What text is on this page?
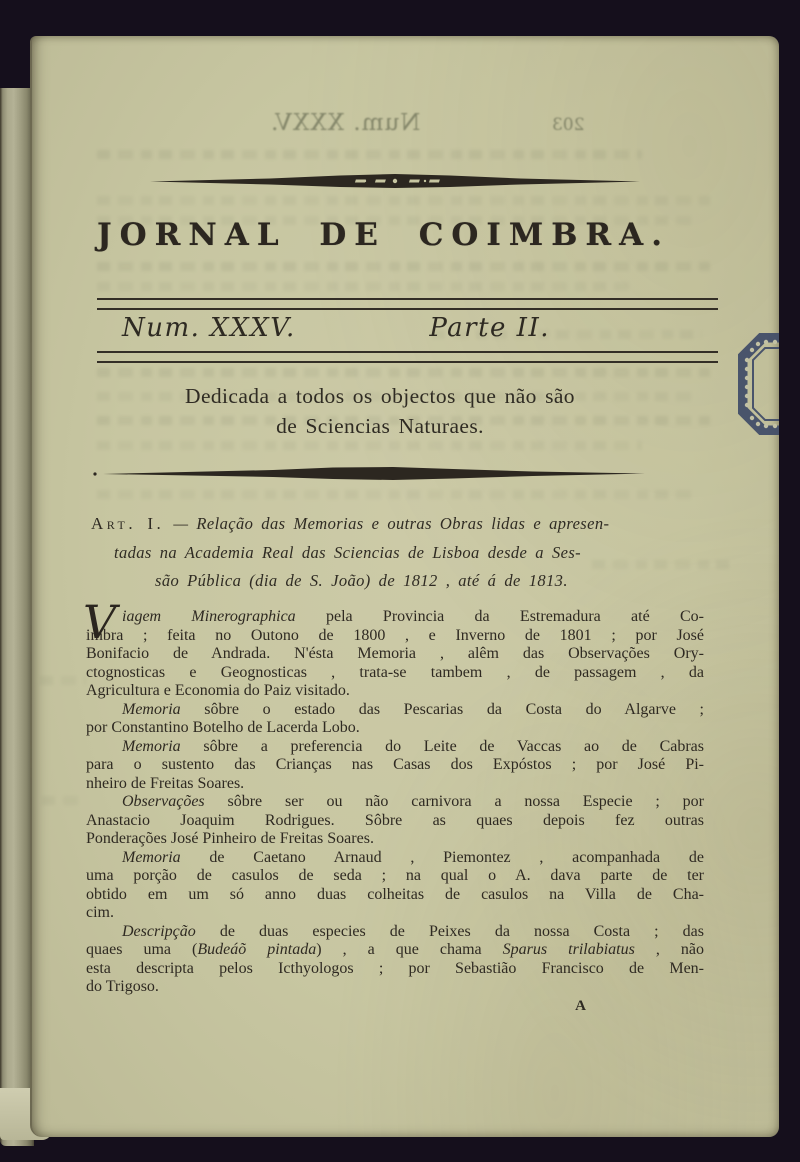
Num. XXXV.	203
JORNAL DE COIMBRA.
Num. XXXV.	Parte II.
Dedicada a todos os objectos que não são
de Sciencias Naturaes.
Art. I. — Relação das Memorias e outras Obras lidas e apresen-
tadas na Academia Real das Sciencias de Lisboa desde a Ses-
são Pública (dia de S. João) de 1812 , até á de 1813.
V iagem Minerographica pela Provincia da Estremadura até Co-
imbra ; feita no Outono de 1800 , e Inverno de 1801 ; por José
Bonifacio de Andrada. N'ésta Memoria , alêm das Observações Ory-
ctognosticas e Geognosticas , trata-se tambem , de passagem , da
Agricultura e Economia do Paiz visitado.
Memoria sôbre o estado das Pescarias da Costa do Algarve ;
por Constantino Botelho de Lacerda Lobo.
Memoria sôbre a preferencia do Leite de Vaccas ao de Cabras
para o sustento das Crianças nas Casas dos Expóstos ; por José Pi-
nheiro de Freitas Soares.
Observações sôbre ser ou não carnivora a nossa Especie ; por
Anastacio Joaquim Rodrigues. Sôbre as quaes depois fez outras
Ponderações José Pinheiro de Freitas Soares.
Memoria de Caetano Arnaud , Piemontez , acompanhada de
uma porção de casulos de seda ; na qual o A. dava parte de ter
obtido em um só anno duas colheitas de casulos na Villa de Cha-
cim.
Descripção de duas especies de Peixes da nossa Costa ; das
quaes uma (Budeáõ pintada) , a que chama Sparus trilabiatus , não
esta descripta pelos Icthyologos ; por Sebastião Francisco de Men-
do Trigoso.
A
